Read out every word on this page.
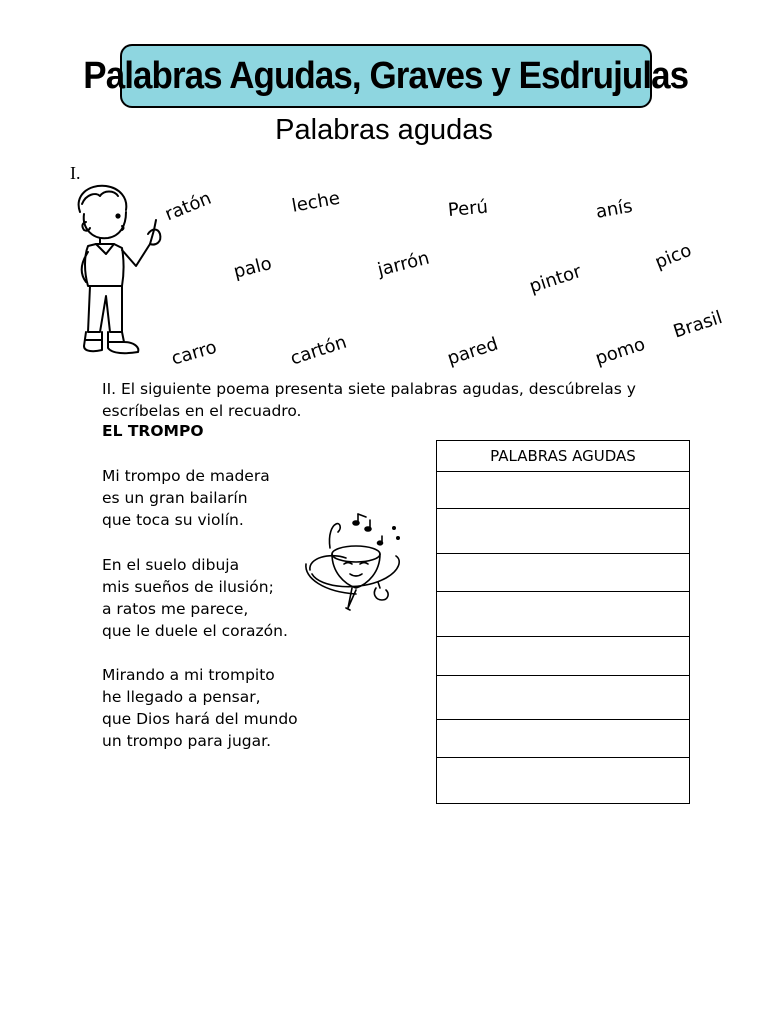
Palabras Agudas, Graves y Esdrujulas
Palabras agudas
I.
ratón	leche	Perú	anís
palo	jarrón	pintor
pico
carro	cartón	pared	pomo
Brasil
II. El siguiente poema presenta siete palabras agudas, descúbrelas y
escríbelas en el recuadro.
EL TROMPO
Mi trompo de madera
es un gran bailarín
que toca su violín.
En el suelo dibuja
mis sueños de ilusión;
a ratos me parece,
que le duele el corazón.
Mirando a mi trompito
he llegado a pensar,
que Dios hará del mundo
un trompo para jugar.
PALABRAS AGUDAS
